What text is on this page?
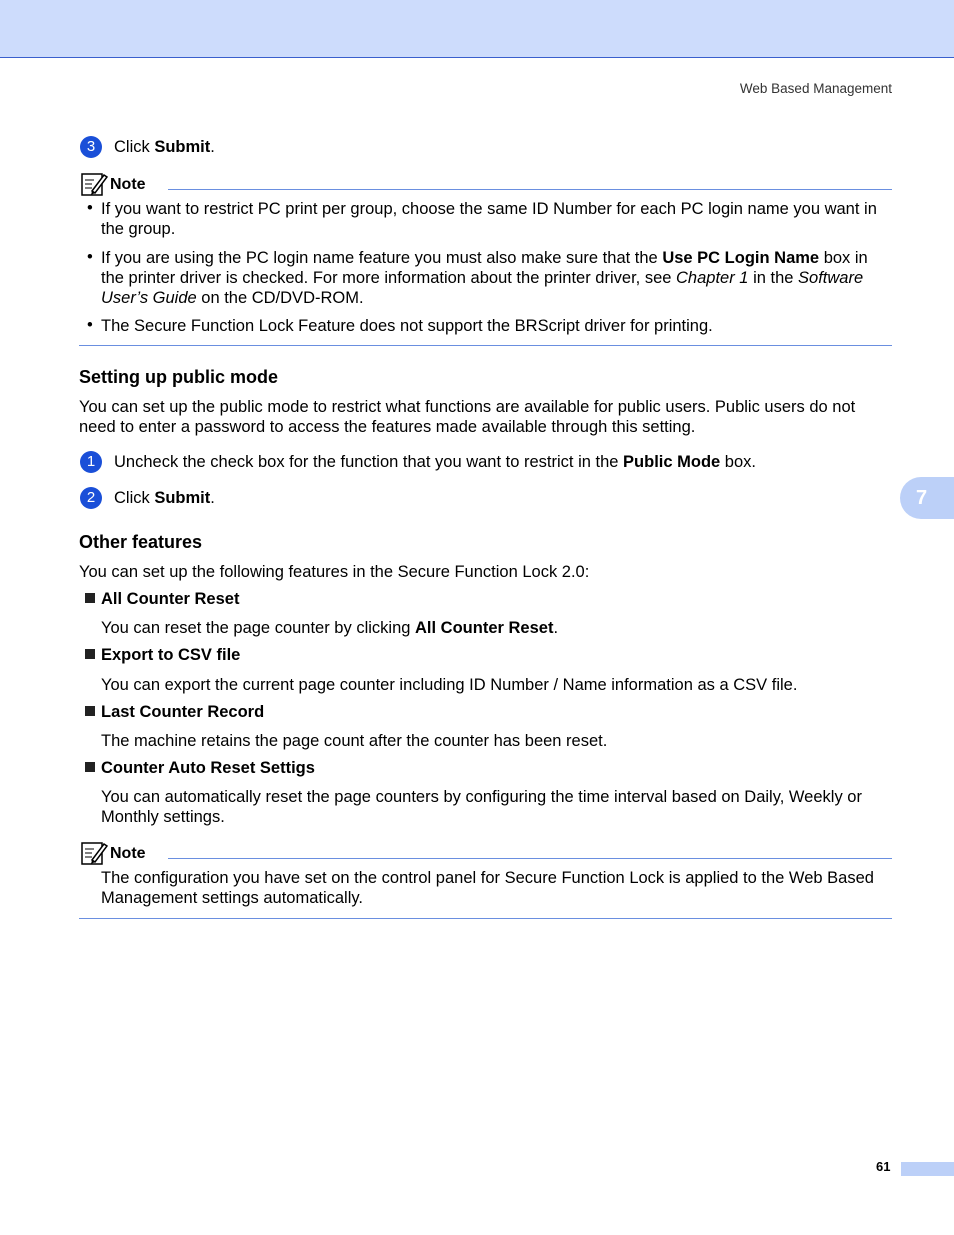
Web Based Management
3	Click Submit.
Note
• If you want to restrict PC print per group, choose the same ID Number for each PC login name you want in the group.
• If you are using the PC login name feature you must also make sure that the Use PC Login Name box in the printer driver is checked. For more information about the printer driver, see Chapter 1 in the Software User’s Guide on the CD/DVD-ROM.
• The Secure Function Lock Feature does not support the BRScript driver for printing.
Setting up public mode
You can set up the public mode to restrict what functions are available for public users. Public users do not need to enter a password to access the features made available through this setting.
1	Uncheck the check box for the function that you want to restrict in the Public Mode box.
2	Click Submit.
Other features
You can set up the following features in the Secure Function Lock 2.0:
All Counter Reset
You can reset the page counter by clicking All Counter Reset.
Export to CSV file
You can export the current page counter including ID Number / Name information as a CSV file.
Last Counter Record
The machine retains the page count after the counter has been reset.
Counter Auto Reset Settigs
You can automatically reset the page counters by configuring the time interval based on Daily, Weekly or Monthly settings.
Note
The configuration you have set on the control panel for Secure Function Lock is applied to the Web Based Management settings automatically.
7
61
